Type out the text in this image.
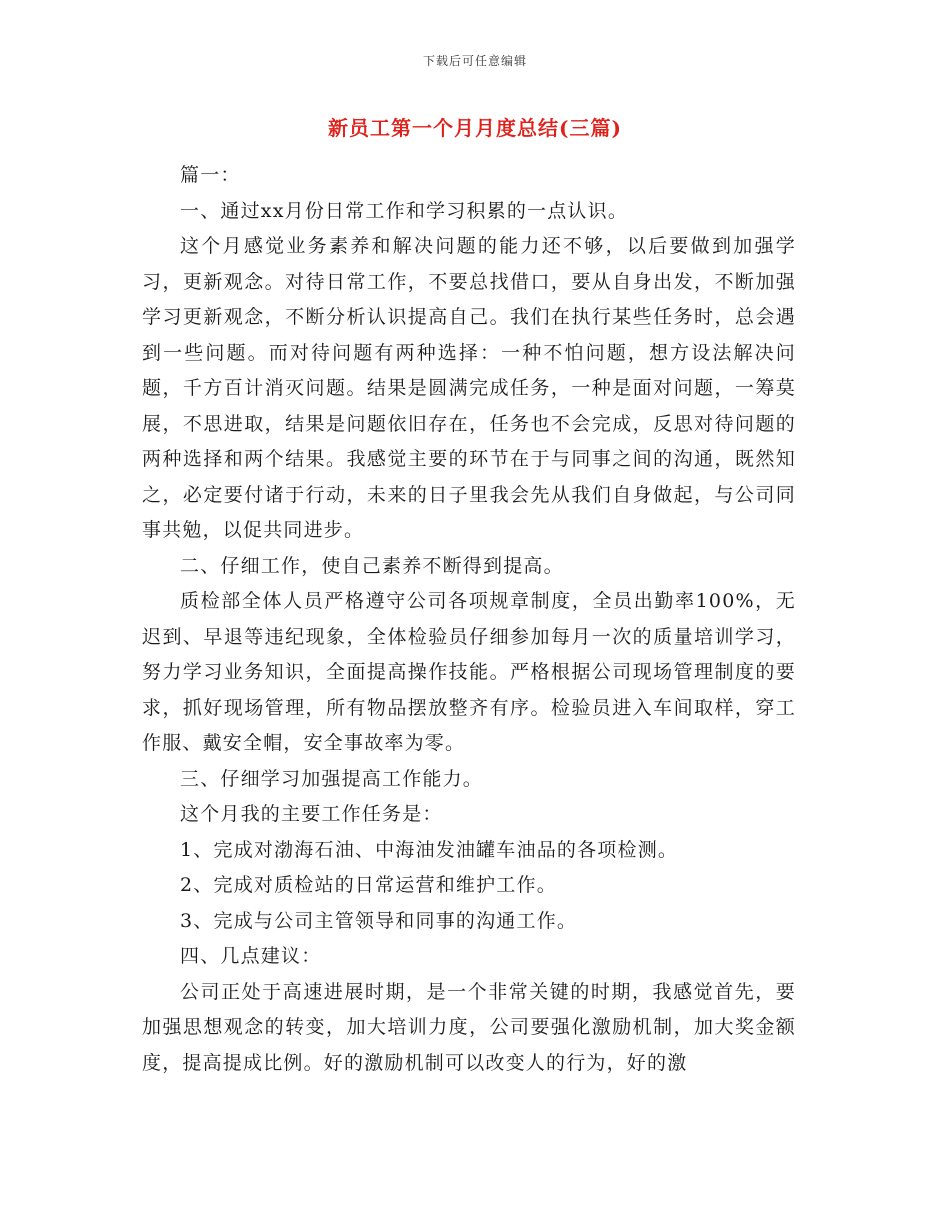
下载后可任意编辑
新员工第一个月月度总结(三篇)

篇一：

一、通过xx月份日常工作和学习积累的一点认识。

这个月感觉业务素养和解决问题的能力还不够，以后要做到加强学习，更新观念。对待日常工作，不要总找借口，要从自身出发，不断加强学习更新观念，不断分析认识提高自己。我们在执行某些任务时，总会遇到一些问题。而对待问题有两种选择：一种不怕问题，想方设法解决问题，千方百计消灭问题。结果是圆满完成任务，一种是面对问题，一筹莫展，不思进取，结果是问题依旧存在，任务也不会完成，反思对待问题的两种选择和两个结果。我感觉主要的环节在于与同事之间的沟通，既然知之，必定要付诸于行动，未来的日子里我会先从我们自身做起，与公司同事共勉，以促共同进步。

二、仔细工作，使自己素养不断得到提高。

质检部全体人员严格遵守公司各项规章制度，全员出勤率100%，无迟到、早退等违纪现象，全体检验员仔细参加每月一次的质量培训学习，努力学习业务知识，全面提高操作技能。严格根据公司现场管理制度的要求，抓好现场管理，所有物品摆放整齐有序。检验员进入车间取样，穿工作服、戴安全帽，安全事故率为零。

三、仔细学习加强提高工作能力。

这个月我的主要工作任务是：

1、完成对渤海石油、中海油发油罐车油品的各项检测。

2、完成对质检站的日常运营和维护工作。

3、完成与公司主管领导和同事的沟通工作。

四、几点建议：

公司正处于高速进展时期，是一个非常关键的时期，我感觉首先，要加强思想观念的转变，加大培训力度，公司要强化激励机制，加大奖金额度，提高提成比例。好的激励机制可以改变人的行为，好的激
